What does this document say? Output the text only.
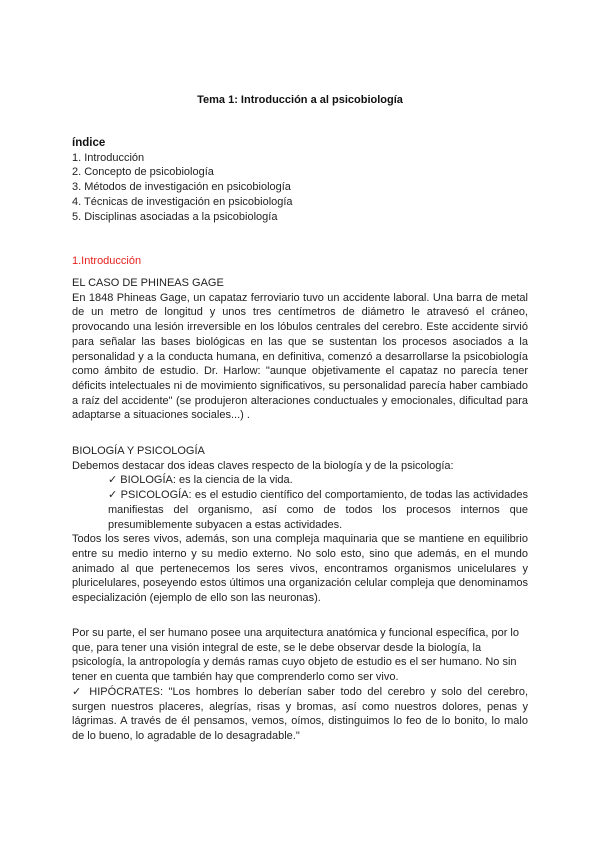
Tema 1: Introducción a al psicobiología
índice
1. Introducción
2. Concepto de psicobiología
3. Métodos de investigación en psicobiología
4. Técnicas de investigación en psicobiología
5. Disciplinas asociadas a la psicobiología
1.Introducción
EL CASO DE PHINEAS GAGE

En 1848 Phineas Gage, un capataz ferroviario tuvo un accidente laboral. Una barra de metal de un metro de longitud y unos tres centímetros de diámetro le atravesó el cráneo, provocando una lesión irreversible en los lóbulos centrales del cerebro. Este accidente sirvió para señalar las bases biológicas en las que se sustentan los procesos asociados a la personalidad y a la conducta humana, en definitiva, comenzó a desarrollarse la psicobiología como ámbito de estudio. Dr. Harlow: "aunque objetivamente el capataz no parecía tener déficits intelectuales ni de movimiento significativos, su personalidad parecía haber cambiado a raíz del accidente" (se produjeron alteraciones conductuales y emocionales, dificultad para adaptarse a situaciones sociales...) .

BIOLOGÍA Y PSICOLOGÍA

Debemos destacar dos ideas claves respecto de la biología y de la psicología:

✓ BIOLOGÍA: es la ciencia de la vida.

✓ PSICOLOGÍA: es el estudio científico del comportamiento, de todas las actividades manifiestas del organismo, así como de todos los procesos internos que presumiblemente subyacen a estas actividades.

Todos los seres vivos, además, son una compleja maquinaria que se mantiene en equilibrio entre su medio interno y su medio externo. No solo esto, sino que además, en el mundo animado al que pertenecemos los seres vivos, encontramos organismos unicelulares y pluricelulares, poseyendo estos últimos una organización celular compleja que denominamos especialización (ejemplo de ello son las neuronas).

Por su parte, el ser humano posee una arquitectura anatómica y funcional específica, por lo que, para tener una visión integral de este, se le debe observar desde la biología, la psicología, la antropología y demás ramas cuyo objeto de estudio es el ser humano. No sin tener en cuenta que también hay que comprenderlo como ser vivo.

✓ HIPÓCRATES: "Los hombres lo deberían saber todo del cerebro y solo del cerebro, surgen nuestros placeres, alegrías, risas y bromas, así como nuestros dolores, penas y lágrimas. A través de él pensamos, vemos, oímos, distinguimos lo feo de lo bonito, lo malo de lo bueno, lo agradable de lo desagradable."
